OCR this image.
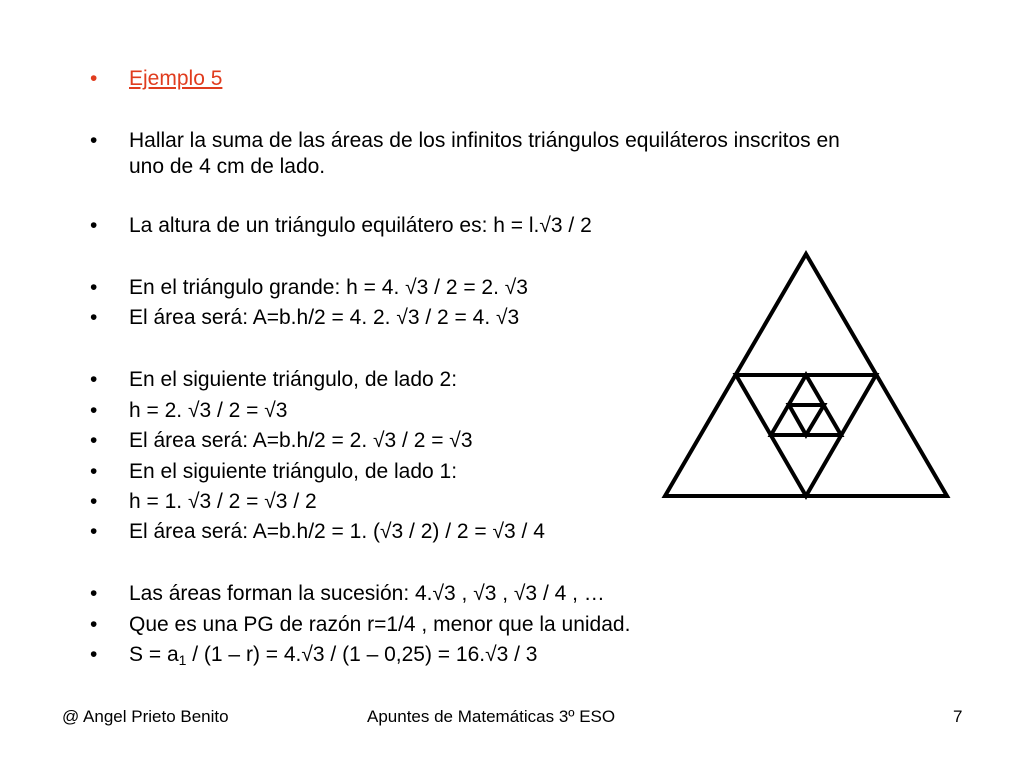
• Ejemplo 5
• Hallar la suma de las áreas de los infinitos triángulos equiláteros inscritos en uno de 4 cm de lado.
• La altura de un triángulo equilátero es: h = l.√3 / 2
• En el triángulo grande: h = 4. √3 / 2 = 2. √3
• El área será: A=b.h/2 = 4. 2. √3 / 2 = 4. √3
• En el siguiente triángulo, de lado 2:
• h = 2. √3 / 2 = √3
• El área será: A=b.h/2 = 2. √3 / 2 = √3
• En el siguiente triángulo, de lado 1:
• h = 1. √3 / 2 = √3 / 2
• El área será: A=b.h/2 = 1. (√3 / 2) / 2 = √3 / 4
• Las áreas forman la sucesión: 4.√3 , √3 , √3 / 4 , …
• Que es una PG de razón r=1/4 , menor que la unidad.
• $S = a_1 / (1 - r) = 4.√3 / (1 - 0,25) = 16.√3 / 3$
@ Angel Prieto Benito	Apuntes de Matemáticas 3º ESO	7
